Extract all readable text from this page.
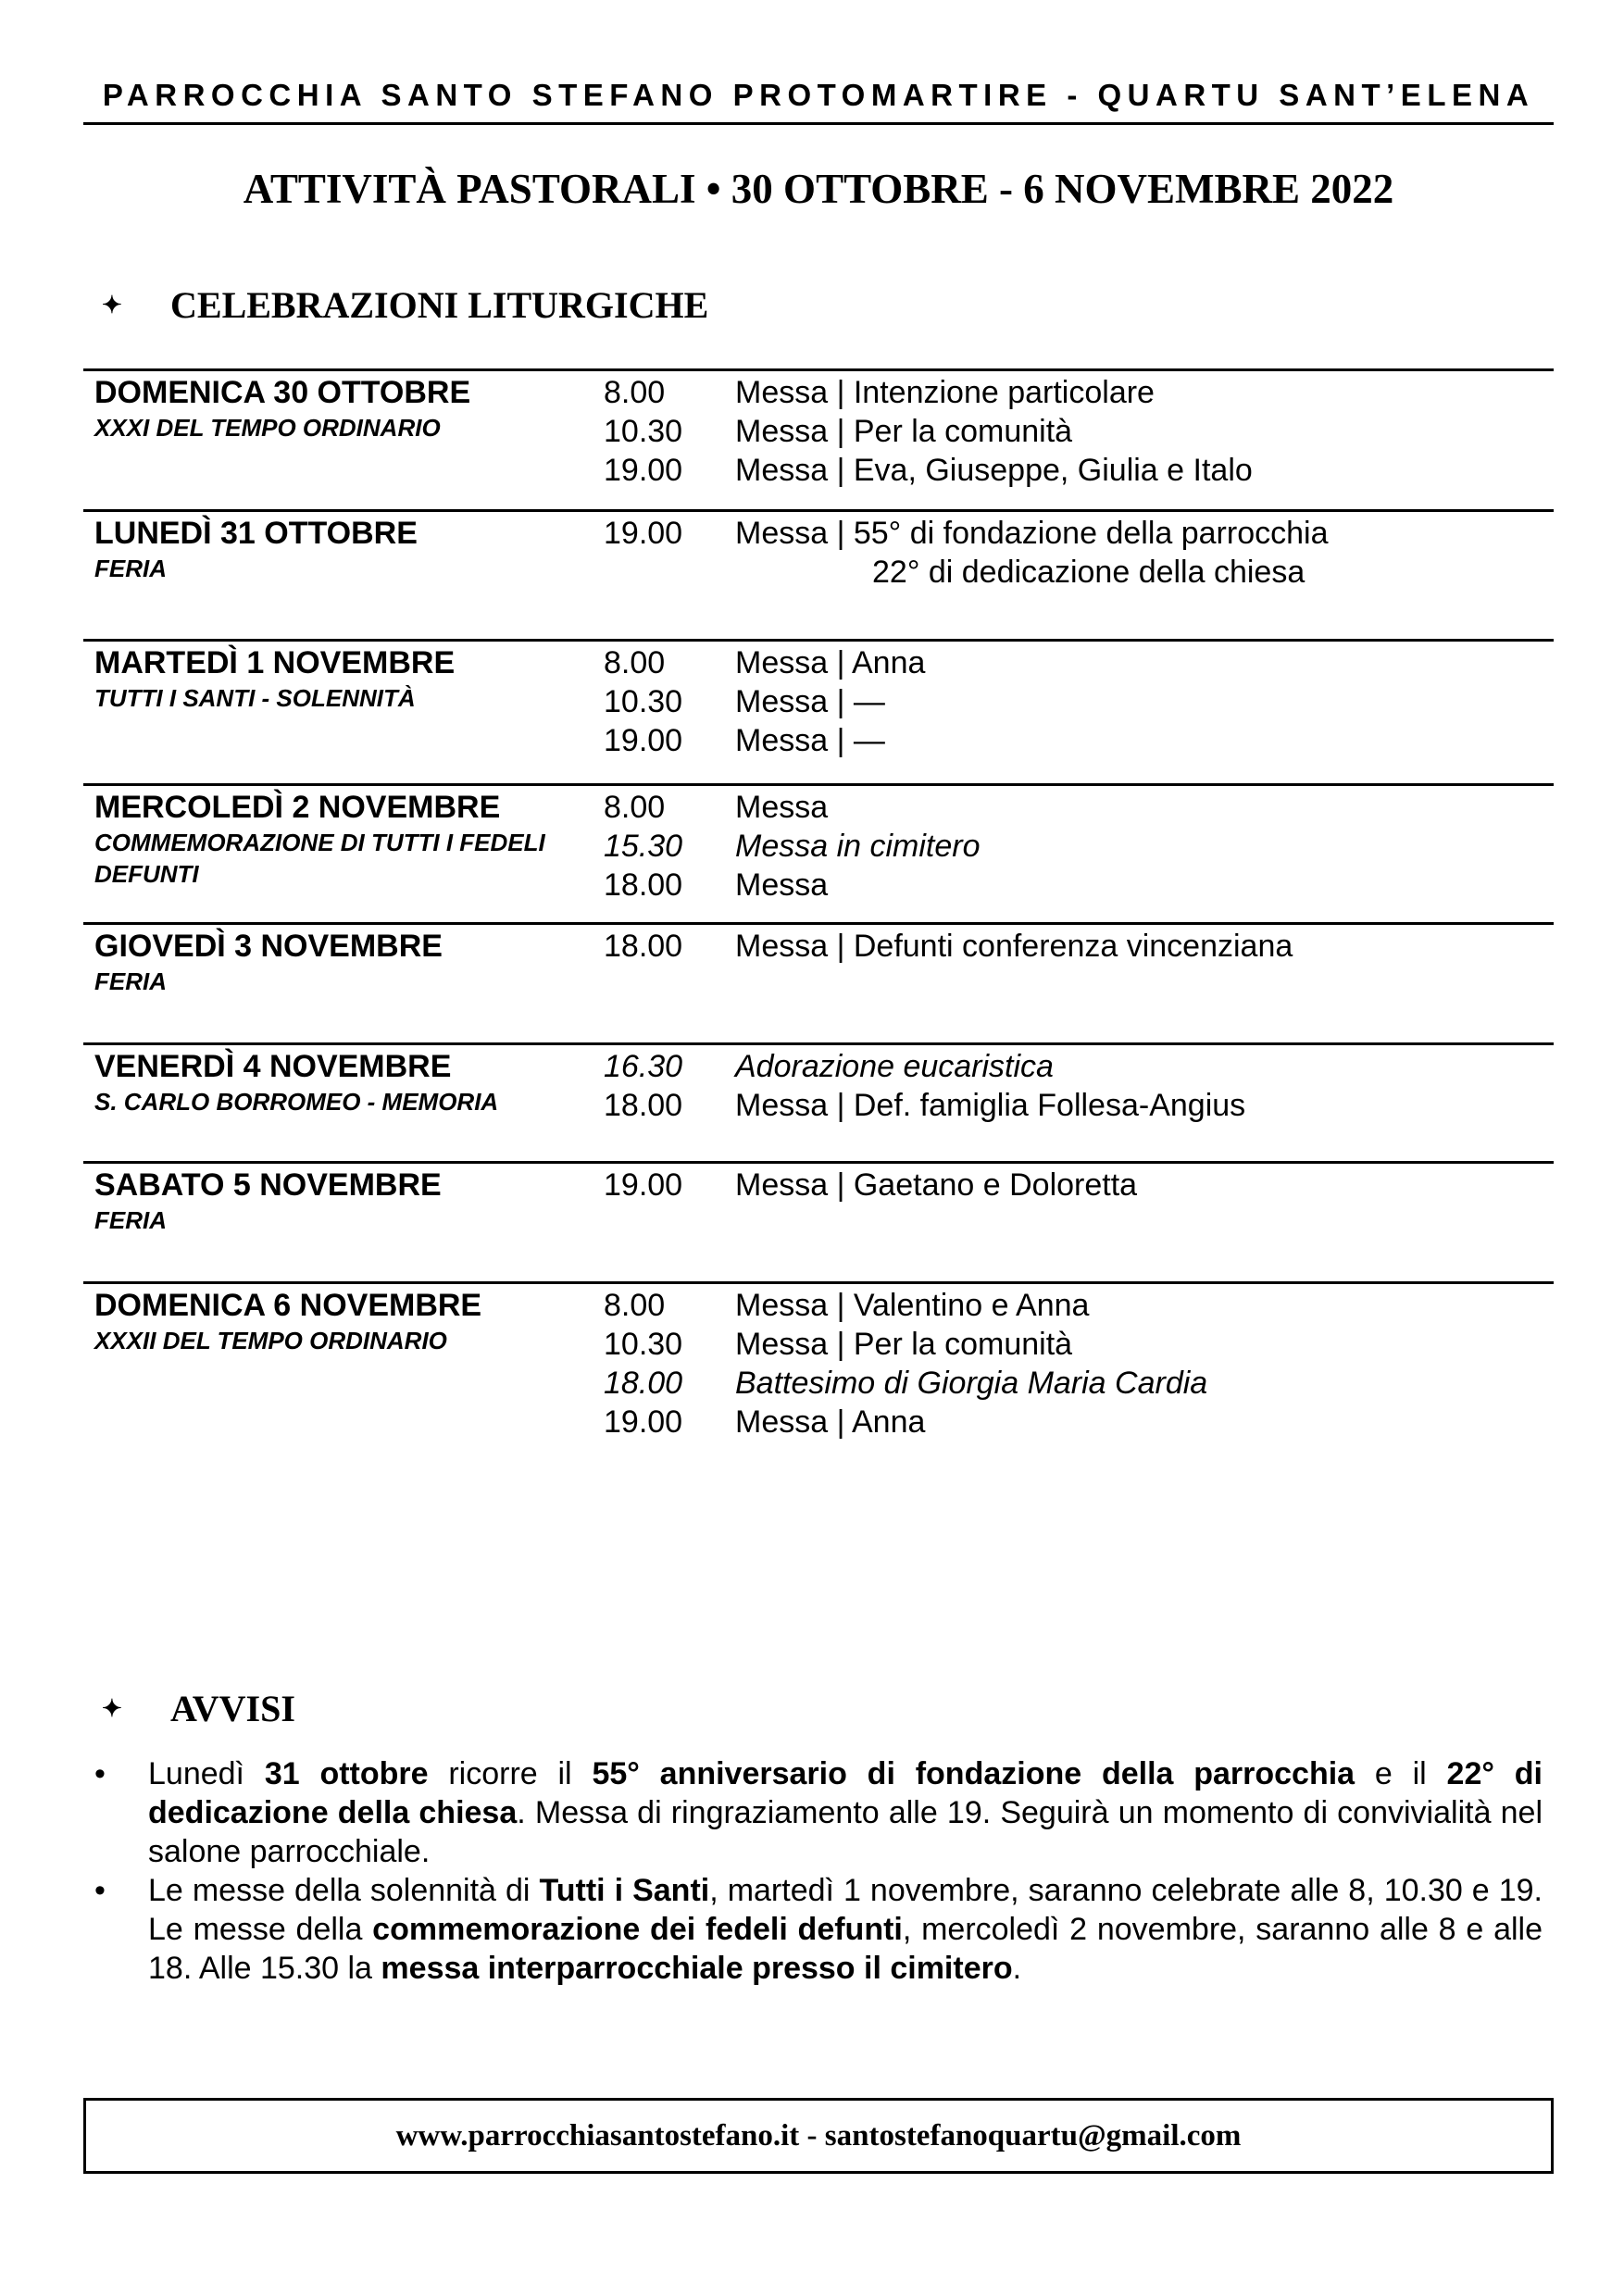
PARROCCHIA SANTO STEFANO PROTOMARTIRE - QUARTU SANT’ELENA
ATTIVITÀ PASTORALI • 30 OTTOBRE - 6 NOVEMBRE 2022
✦	CELEBRAZIONI LITURGICHE
DOMENICA 30 OTTOBRE
XXXI DEL TEMPO ORDINARIO
8.00 Messa | Intenzione particolare
10.30 Messa | Per la comunità
19.00 Messa | Eva, Giuseppe, Giulia e Italo
LUNEDÌ 31 OTTOBRE
FERIA
19.00 Messa | 55° di fondazione della parrocchia
22° di dedicazione della chiesa
MARTEDÌ 1 NOVEMBRE
TUTTI I SANTI - SOLENNITÀ
8.00 Messa | Anna
10.30 Messa | —
19.00 Messa | —
MERCOLEDÌ 2 NOVEMBRE
COMMEMORAZIONE DI TUTTI I FEDELI DEFUNTI
8.00 Messa
15.30 Messa in cimitero
18.00 Messa
GIOVEDÌ 3 NOVEMBRE
FERIA
18.00 Messa | Defunti conferenza vincenziana
VENERDÌ 4 NOVEMBRE
S. CARLO BORROMEO - MEMORIA
16.30 Adorazione eucaristica
18.00 Messa | Def. famiglia Follesa-Angius
SABATO 5 NOVEMBRE
FERIA
19.00 Messa | Gaetano e Doloretta
DOMENICA 6 NOVEMBRE
XXXII DEL TEMPO ORDINARIO
8.00 Messa | Valentino e Anna
10.30 Messa | Per la comunità
18.00 Battesimo di Giorgia Maria Cardia
19.00 Messa | Anna
✦	AVVISI
• Lunedì 31 ottobre ricorre il 55° anniversario di fondazione della parrocchia e il 22° di dedicazione della chiesa. Messa di ringraziamento alle 19. Seguirà un momento di convivialità nel salone parrocchiale.
• Le messe della solennità di Tutti i Santi, martedì 1 novembre, saranno celebrate alle 8, 10.30 e 19. Le messe della commemorazione dei fedeli defunti, mercoledì 2 novembre, saranno alle 8 e alle 18. Alle 15.30 la messa interparrocchiale presso il cimitero.
www.parrocchiasantostefano.it - santostefanoquartu@gmail.com
